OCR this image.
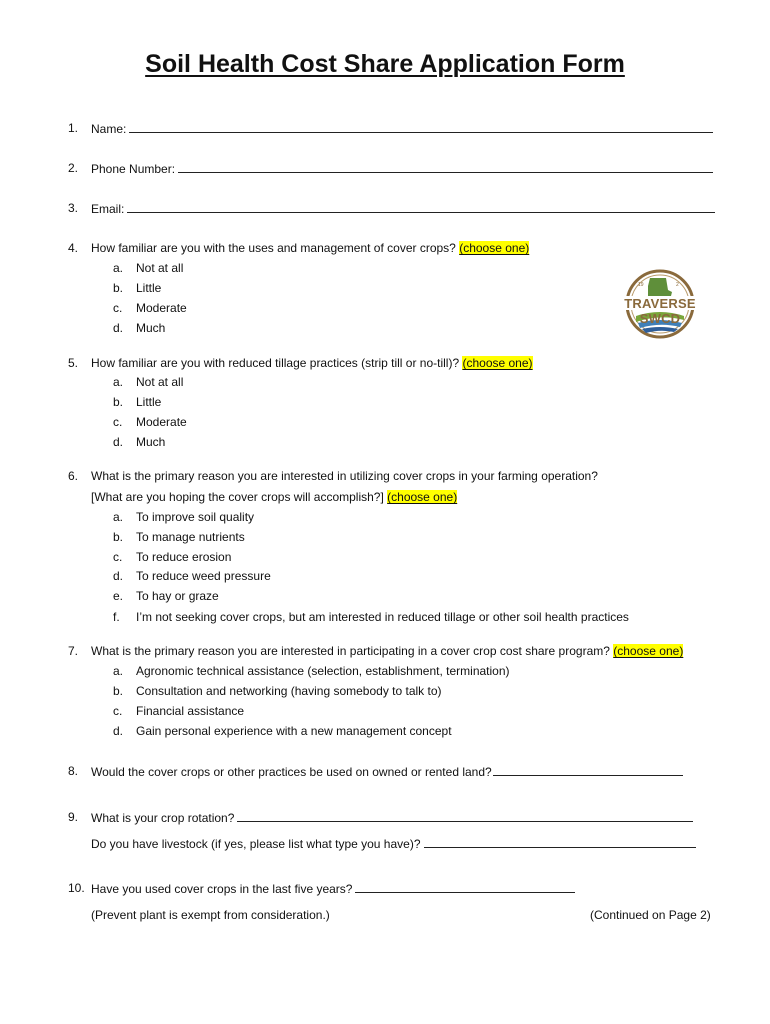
Soil Health Cost Share Application Form
1. Name:
2. Phone Number:
3. Email:
4. How familiar are you with the uses and management of cover crops? (choose one)
a.	Not at all
b.	Little
c.	Moderate
d.	Much
TRAVERSE SWCD
19	2
5. How familiar are you with reduced tillage practices (strip till or no-till)? (choose one)
a.	Not at all
b.	Little
c.	Moderate
d.	Much
6. What is the primary reason you are interested in utilizing cover crops in your farming operation?
[What are you hoping the cover crops will accomplish?] (choose one)
a.	To improve soil quality
b.	To manage nutrients
c.	To reduce erosion
d.	To reduce weed pressure
e.	To hay or graze
f.	I’m not seeking cover crops, but am interested in reduced tillage or other soil health practices
7. What is the primary reason you are interested in participating in a cover crop cost share program? (choose one)
a.	Agronomic technical assistance (selection, establishment, termination)
b.	Consultation and networking (having somebody to talk to)
c.	Financial assistance
d.	Gain personal experience with a new management concept
8. Would the cover crops or other practices be used on owned or rented land?
9. What is your crop rotation?
Do you have livestock (if yes, please list what type you have)?
10. Have you used cover crops in the last five years?
(Prevent plant is exempt from consideration.)	(Continued on Page 2)
